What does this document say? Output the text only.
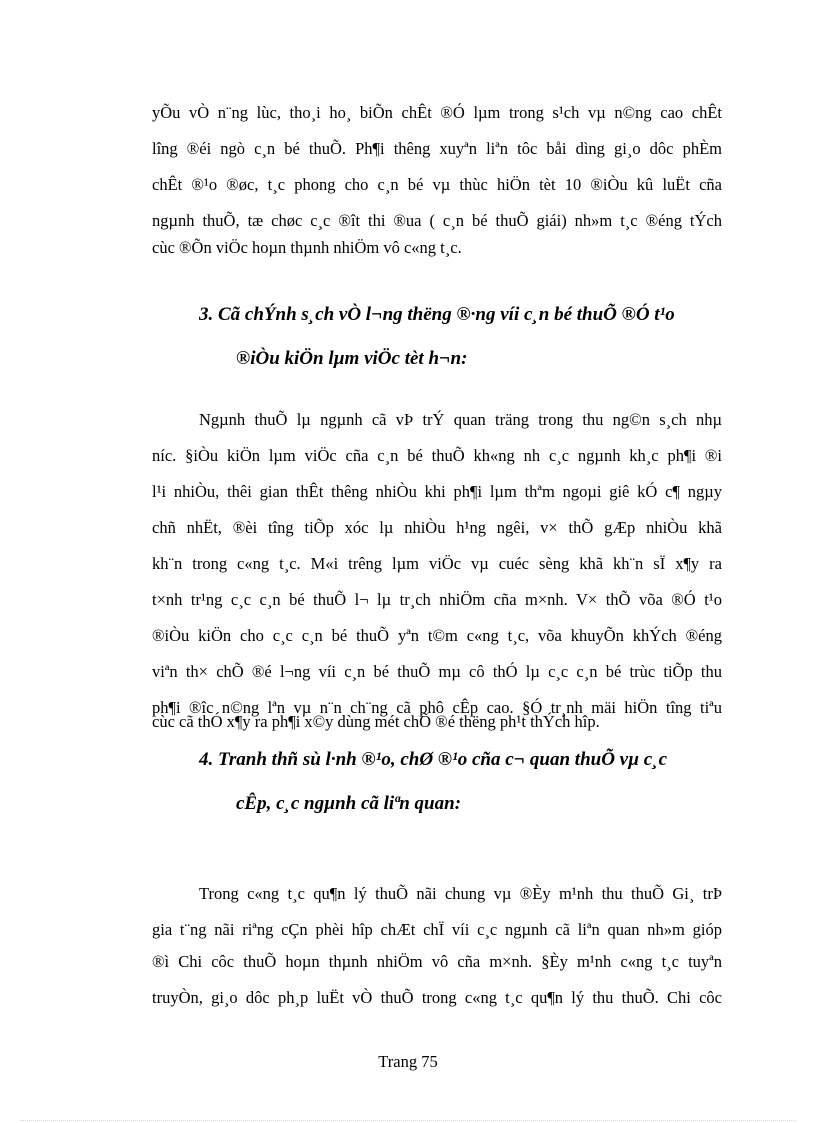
yÕu vÒ n¨ng lùc, tho¸i ho¸ biÕn chÊt ®Ó lµm trong s¹ch vµ n©ng cao chÊt
lîng ®éi ngò c¸n bé thuÕ. Ph¶i thêng xuyªn liªn tôc båi dìng gi¸o dôc phÈm
chÊt ®¹o ®øc, t¸c phong cho c¸n bé vµ thùc hiÖn tèt 10 ®iÒu kû luËt cña
ngµnh thuÕ, tæ chøc c¸c ®ît thi ®ua ( c¸n bé thuÕ giái) nh»m t¸c ®éng tÝch
cùc ®Õn viÖc hoµn thµnh nhiÖm vô c«ng t¸c.
3. Cã chÝnh s¸ch vÒ l¬ng thëng ®·ng víi c¸n bé thuÕ ®Ó t¹o
®iÒu kiÖn lµm viÖc tèt h¬n:
Ngµnh thuÕ lµ ngµnh cã vÞ trÝ quan träng trong thu ng©n s¸ch nhµ
níc. §iÒu kiÖn lµm viÖc cña c¸n bé thuÕ kh«ng nh c¸c ngµnh kh¸c ph¶i ®i
l¹i nhiÒu, thêi gian thÊt thêng nhiÒu khi ph¶i lµm thªm ngoµi giê kÓ c¶ ngµy
chñ nhËt, ®èi tîng tiÕp xóc lµ nhiÒu h¹ng ngêi, v× thÕ gÆp nhiÒu khã
kh¨n trong c«ng t¸c. M«i trêng lµm viÖc vµ cuéc sèng khã kh¨n sÏ x¶y ra
t×nh tr¹ng c¸c c¸n bé thuÕ l¬ lµ tr¸ch nhiÖm cña m×nh. V× thÕ võa ®Ó t¹o
®iÒu kiÖn cho c¸c c¸n bé thuÕ yªn t©m c«ng t¸c, võa khuyÕn khÝch ®éng
viªn th× chÕ ®é l¬ng víi c¸n bé thuÕ mµ cô thÓ lµ c¸c c¸n bé trùc tiÕp thu
ph¶i ®îc n©ng lªn vµ n¨n ch¨ng cã phô cÊp cao. §Ó tr¸nh mäi hiÖn tîng tiªu
cùc cã thÓ x¶y ra ph¶i x©y dùng mét chÕ ®é thëng ph¹t thÝch hîp.
4. Tranh thñ sù l·nh ®¹o, chØ ®¹o cña c¬ quan thuÕ vµ c¸c
cÊp, c¸c ngµnh cã liªn quan:
Trong c«ng t¸c qu¶n lý thuÕ nãi chung vµ ®Èy m¹nh thu thuÕ Gi¸ trÞ
gia t¨ng nãi riªng cÇn phèi hîp chÆt chÏ víi c¸c ngµnh cã liªn quan nh»m gióp
®ì Chi côc thuÕ hoµn thµnh nhiÖm vô cña m×nh. §Èy m¹nh c«ng t¸c tuyªn
truyÒn, gi¸o dôc ph¸p luËt vÒ thuÕ trong c«ng t¸c qu¶n lý thu thuÕ. Chi côc
Trang 75
